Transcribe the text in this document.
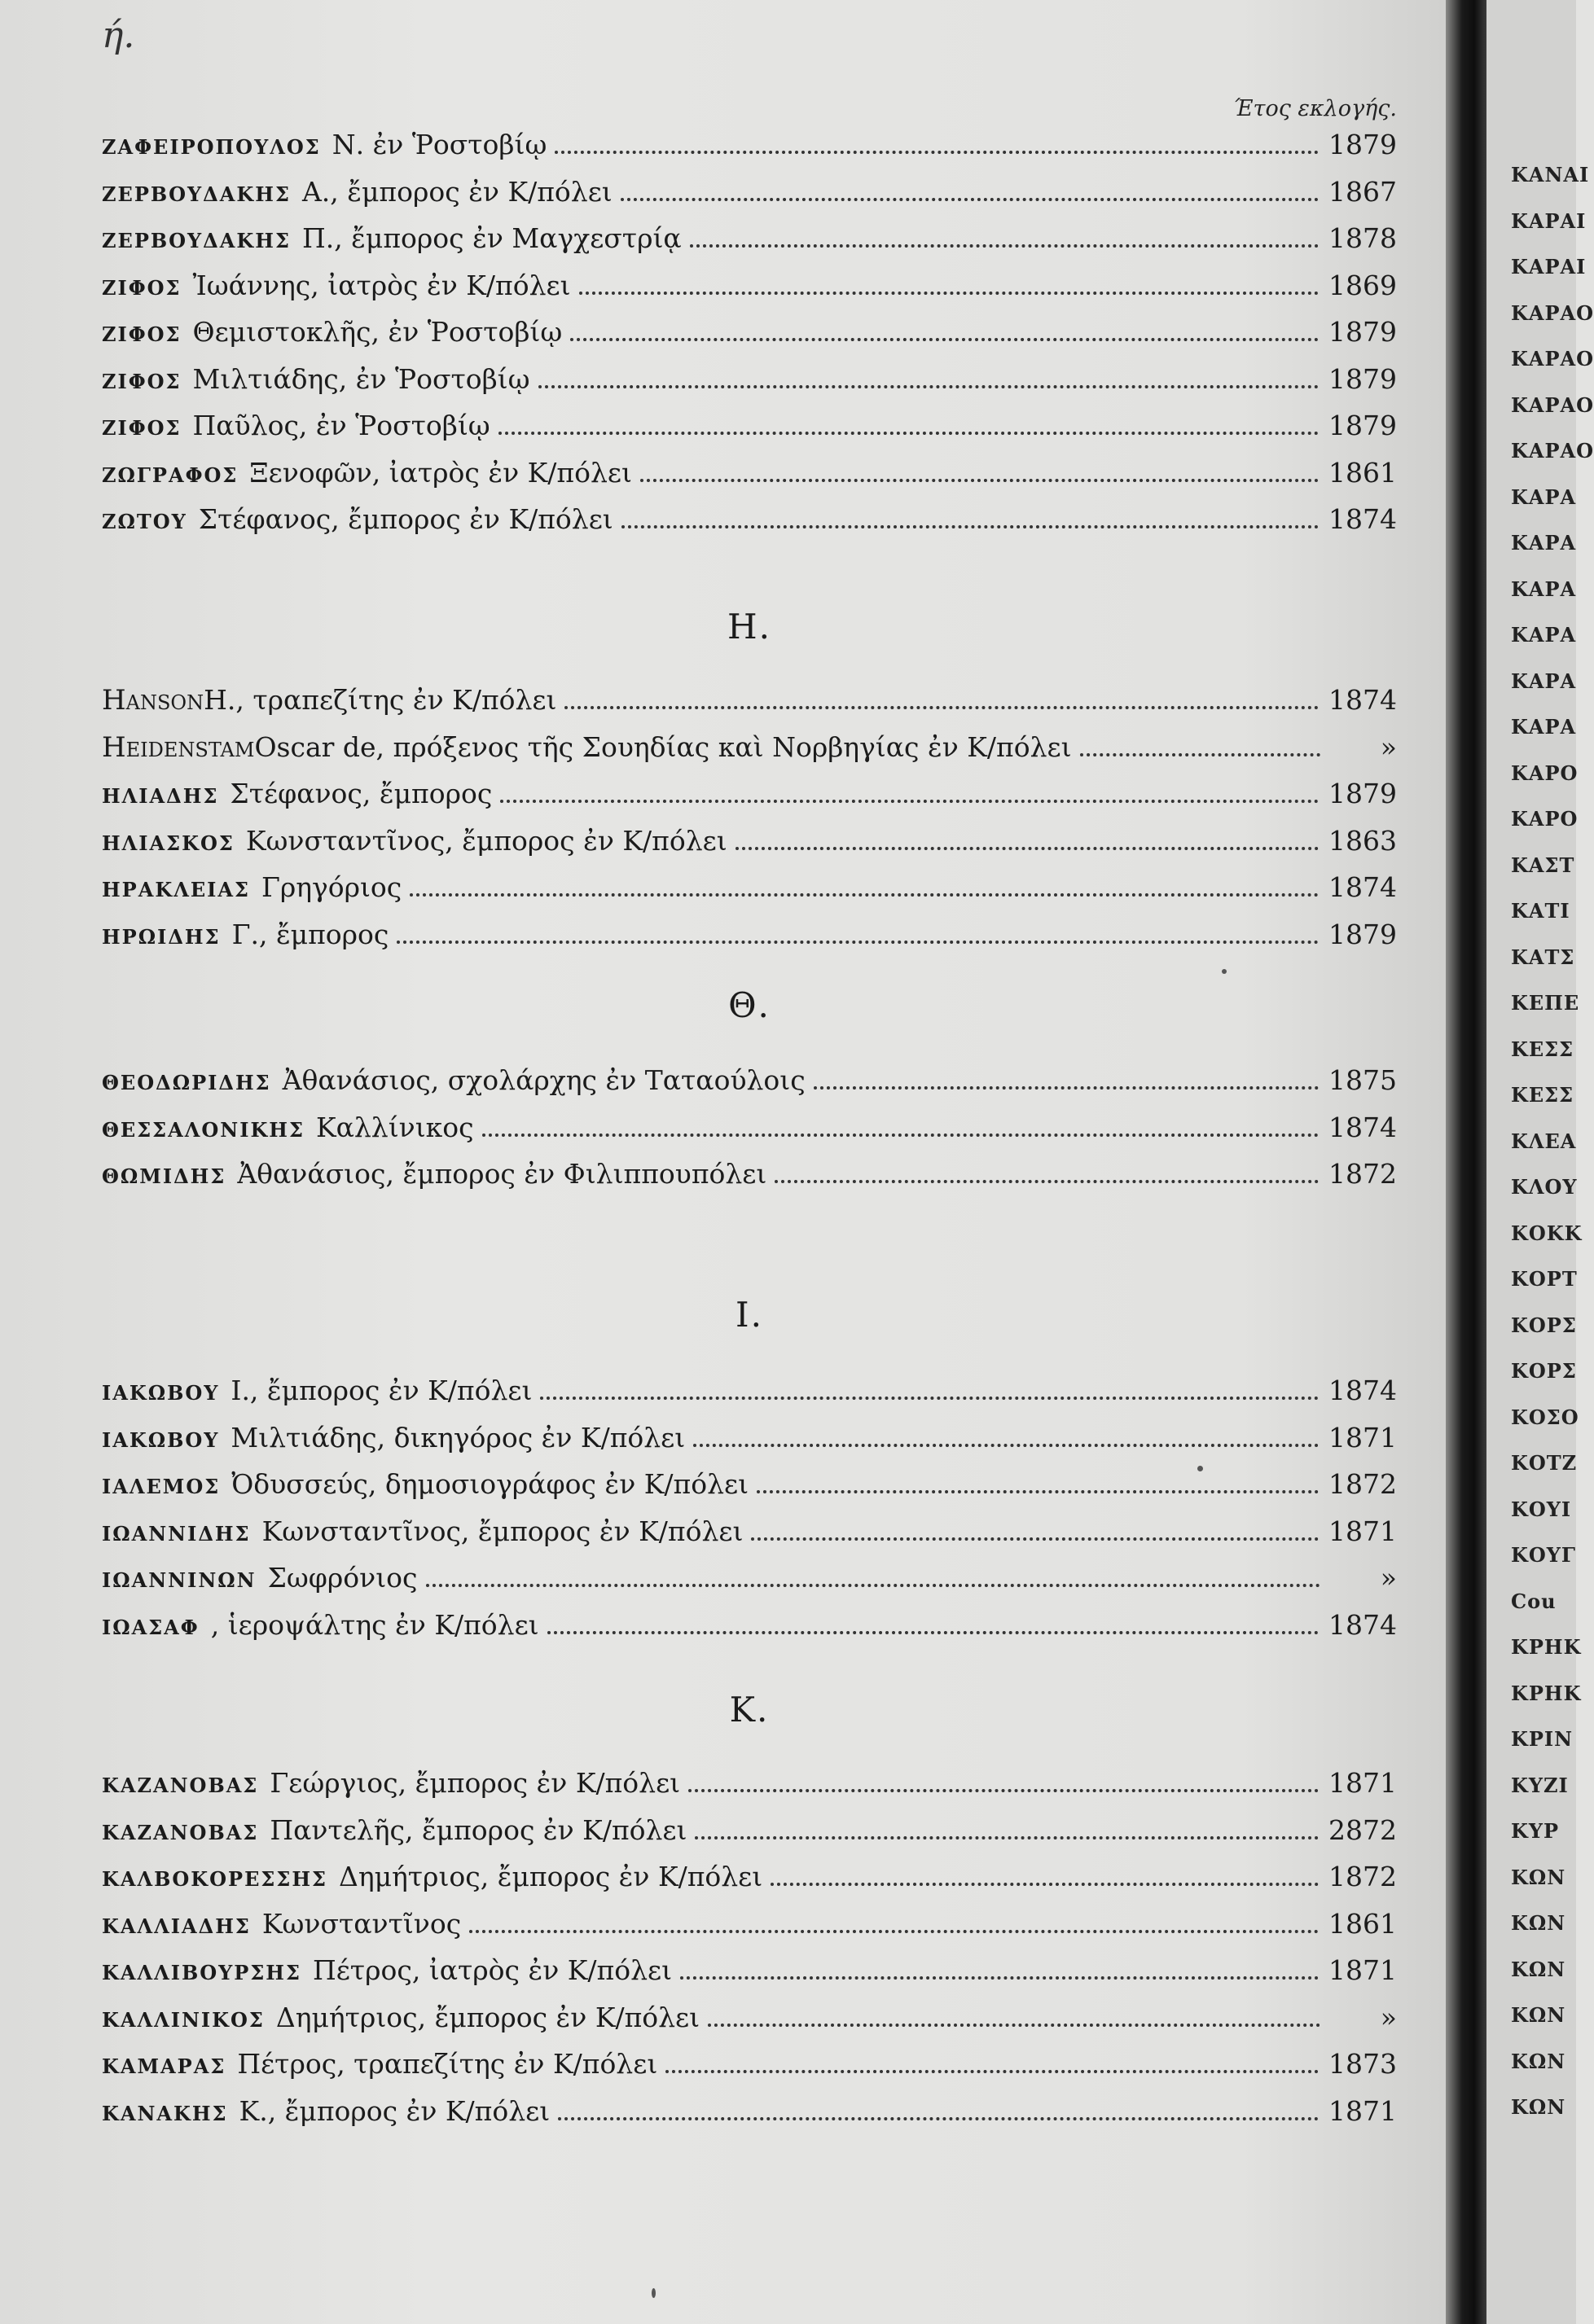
ή.
Έτος εκλογής.
ΖΑΦΕΙΡΟΠΟΥΛΟΣ Ν. ἐν Ῥοστοβίῳ	1879
ΖΕΡΒΟΥΔΑΚΗΣ Α., ἔμπορος ἐν Κ/πόλει	1867
ΖΕΡΒΟΥΔΑΚΗΣ Π., ἔμπορος ἐν Μαγχεστρίᾳ	1878
ΖΙΦΟΣ Ἰωάννης, ἰατρὸς ἐν Κ/πόλει	1869
ΖΙΦΟΣ Θεμιστοκλῆς, ἐν Ῥοστοβίῳ	1879
ΖΙΦΟΣ Μιλτιάδης, ἐν Ῥοστοβίῳ	1879
ΖΙΦΟΣ Παῦλος, ἐν Ῥοστοβίῳ	1879
ΖΩΓΡΑΦΟΣ Ξενοφῶν, ἰατρὸς ἐν Κ/πόλει	1861
ΖΩΤΟΥ Στέφανος, ἔμπορος ἐν Κ/πόλει	1874
Η.
Hanson H., τραπεζίτης ἐν Κ/πόλει	1874
Heidenstam Oscar de, πρόξενος τῆς Σουηδίας καὶ Νορβηγίας ἐν Κ/πόλει	»
ΗΛΙΑΔΗΣ Στέφανος, ἔμπορος	1879
ΗΛΙΑΣΚΟΣ Κωνσταντῖνος, ἔμπορος ἐν Κ/πόλει	1863
ΗΡΑΚΛΕΙΑΣ Γρηγόριος	1874
ΗΡΩΙΔΗΣ Γ., ἔμπορος	1879
Θ.
ΘΕΟΔΩΡΙΔΗΣ Ἀθανάσιος, σχολάρχης ἐν Ταταούλοις	1875
ΘΕΣΣΑΛΟΝΙΚΗΣ Καλλίνικος	1874
ΘΩΜΙΔΗΣ Ἀθανάσιος, ἔμπορος ἐν Φιλιππουπόλει	1872
Ι.
ΙΑΚΩΒΟΥ Ι., ἔμπορος ἐν Κ/πόλει	1874
ΙΑΚΩΒΟΥ Μιλτιάδης, δικηγόρος ἐν Κ/πόλει	1871
ΙΑΛΕΜΟΣ Ὀδυσσεύς, δημοσιογράφος ἐν Κ/πόλει	1872
ΙΩΑΝΝΙΔΗΣ Κωνσταντῖνος, ἔμπορος ἐν Κ/πόλει	1871
ΙΩΑΝΝΙΝΩΝ Σωφρόνιος	»
ΙΩΑΣΑΦ , ἱεροψάλτης ἐν Κ/πόλει	1874
Κ.
ΚΑΖΑΝΟΒΑΣ Γεώργιος, ἔμπορος ἐν Κ/πόλει	1871
ΚΑΖΑΝΟΒΑΣ Παντελῆς, ἔμπορος ἐν Κ/πόλει	2872
ΚΑΛΒΟΚΟΡΕΣΣΗΣ Δημήτριος, ἔμπορος ἐν Κ/πόλει	1872
ΚΑΛΛΙΑΔΗΣ Κωνσταντῖνος	1861
ΚΑΛΛΙΒΟΥΡΣΗΣ Πέτρος, ἰατρὸς ἐν Κ/πόλει	1871
ΚΑΛΛΙΝΙΚΟΣ Δημήτριος, ἔμπορος ἐν Κ/πόλει	»
ΚΑΜΑΡΑΣ Πέτρος, τραπεζίτης ἐν Κ/πόλει	1873
ΚΑΝΑΚΗΣ Κ., ἔμπορος ἐν Κ/πόλει	1871
ΚΑΝΑΙ
ΚΑΡΑΙ
ΚΑΡΑΙ
ΚΑΡΑΟ
ΚΑΡΑΟ
ΚΑΡΑΟ
ΚΑΡΑΟ
ΚΑΡΑ
ΚΑΡΑ
ΚΑΡΑ
ΚΑΡΑ
ΚΑΡΑ
ΚΑΡΑ
ΚΑΡΟ
ΚΑΡΟ
ΚΑΣΤ
ΚΑΤΙ
ΚΑΤΣ
ΚΕΠΕ
ΚΕΣΣ
ΚΕΣΣ
ΚΛΕΑ
ΚΛΟΥ
ΚΟΚΚ
ΚΟΡΤ
ΚΟΡΣ
ΚΟΡΣ
ΚΟΣΟ
ΚΟΤΖ
ΚΟΥΙ
ΚΟΥΓ
Cou
ΚΡΗΚ
ΚΡΗΚ
ΚΡΙΝ
ΚΥΖΙ
ΚΥΡ
ΚΩΝ
ΚΩΝ
ΚΩΝ
ΚΩΝ
ΚΩΝ
ΚΩΝ
